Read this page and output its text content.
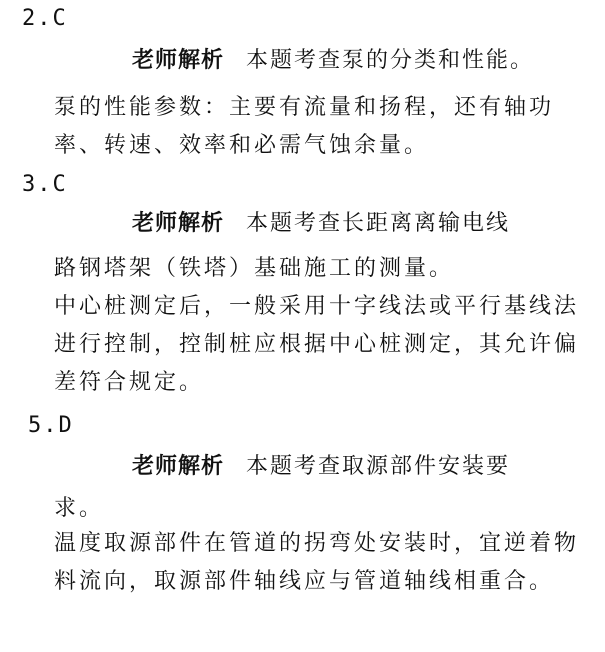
2.C
老师解析 本题考查泵的分类和性能。

泵的性能参数：主要有流量和扬程，还有轴功率、转速、效率和必需气蚀余量。

3.C
老师解析 本题考查长距离离输电线

路钢塔架（铁塔）基础施工的测量。

中心桩测定后，一般采用十字线法或平行基线法进行控制，控制桩应根据中心桩测定，其允许偏差符合规定。

5.D
老师解析 本题考查取源部件安装要

求。

温度取源部件在管道的拐弯处安装时，宜逆着物料流向，取源部件轴线应与管道轴线相重合。
